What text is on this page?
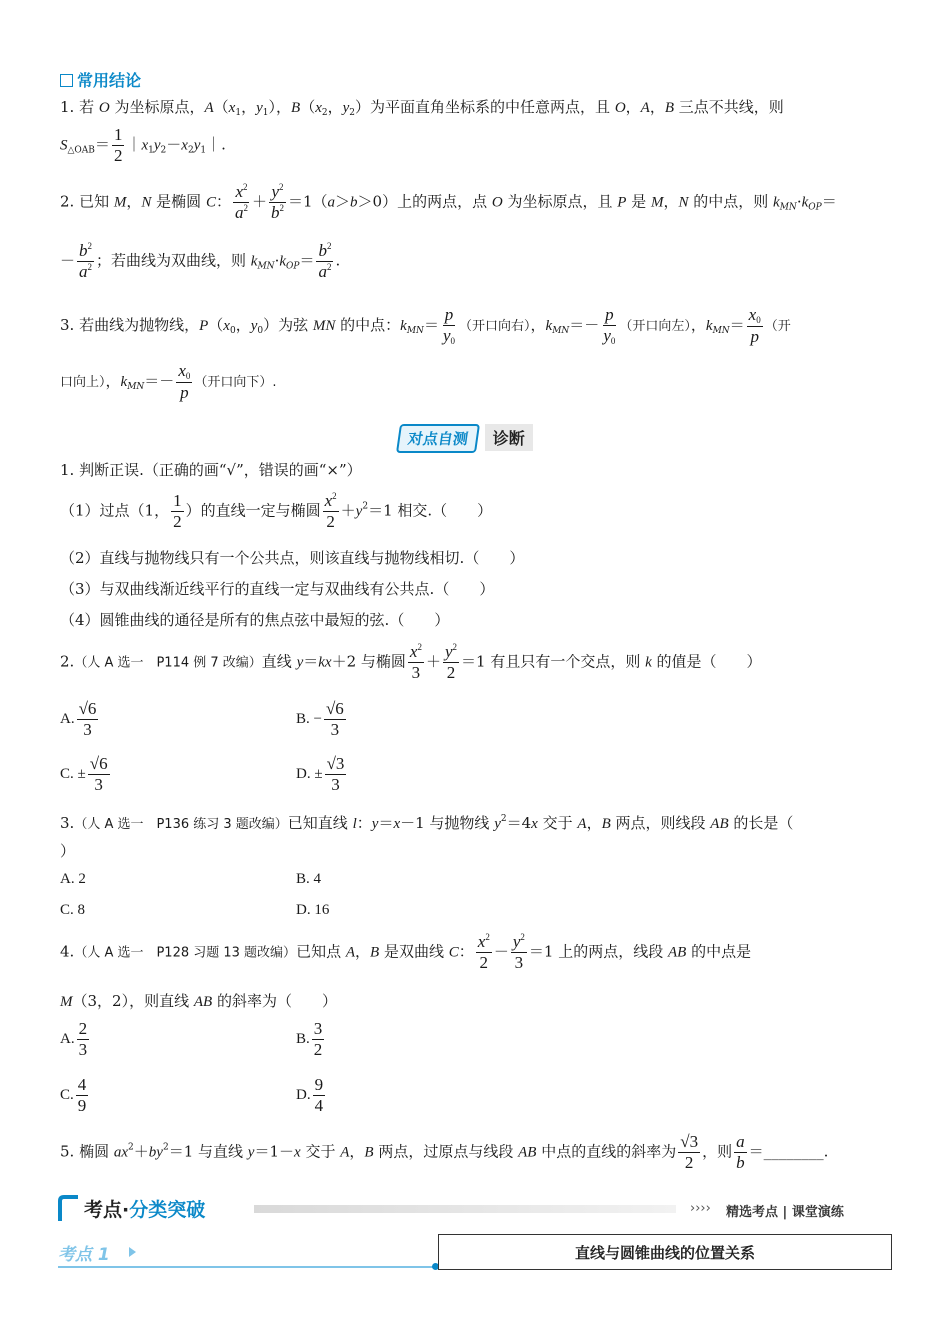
常用结论
1. 若 O 为坐标原点，$A(x_1$，$y_1$），$B(x_2$，$y_2$）为平面直角坐标系的中任意两点，且 O，A，B 三点不共线，则
$S_{\triangle OAB}= \frac{1}{2}$ $|x_1y_2-x_2y_1|$.
2. 已知 M，N 是椭圆 C： $\frac{x^2}{a^2} + \frac{y^2}{b^2} =1(a>b>0)$上的两点，点 O 为坐标原点，且 P 是 M，N 的中点，则 $k_{MN}\cdot k_{OP}=$
－ $\frac{b^2}{a^2}$ ；若曲线为双曲线，则 $k_{MN}\cdot k_{OP}= \frac{b^2}{a^2}$ .
3. 若曲线为抛物线，$P(x_0$，$y_0$）为弦 MN 的中点：$k_{MN}= \frac{p}{y_0}$ （开口向右），$k_{MN}=- \frac{p}{y_0}$ （开口向左），$k_{MN}= \frac{x_0}{p}$ （开
口向上），$k_{MN}=- \frac{x_0}{p}$ （开口向下）.
对点自测 诊断
1. 判断正误.（正确的画“√”，错误的画“×”）
（1）过点（1， $\frac{1}{2}$ ）的直线一定与椭圆 $\frac{x^2}{2} +y^2=1$ 相交.（　　）
（2）直线与抛物线只有一个公共点，则该直线与抛物线相切.（　　）
（3）与双曲线渐近线平行的直线一定与双曲线有公共点.（　　）
（4）圆锥曲线的通径是所有的焦点弦中最短的弦.（　　）
2.（人 A 选一　P114 例 7 改编）直线 y＝kx＋2 与椭圆 $\frac{x^2}{3} + \frac{y^2}{2} =1$ 有且只有一个交点，则 k 的值是（　　）
A. $\frac{√6}{3}$	B. − $\frac{√6}{3}$
C. ± $\frac{√6}{3}$	D. ± $\frac{√3}{3}$
3.（人 A 选一　P136 练习 3 题改编）已知直线 l：y＝x－1 与抛物线 $y^2=4x$ 交于 A，B 两点，则线段 AB 的长是（
）
A. 2	B. 4
C. 8	D. 16
4.（人 A 选一　P128 习题 13 题改编）已知点 A，B 是双曲线 C： $\frac{x^2}{2} - \frac{y^2}{3} =1$ 上的两点，线段 AB 的中点是
M（3，2），则直线 AB 的斜率为（　　）
A. $\frac{2}{3}$	B. $\frac{3}{2}$
C. $\frac{4}{9}$	D. $\frac{9}{4}$
5. 椭圆 $ax^2+by^2=1$ 与直线 y＝1－x 交于 A，B 两点，过原点与线段 AB 中点的直线的斜率为 $\frac{√3}{2}$ ，则 $\frac{a}{b}$ ＝________.
考点·分类突破	›››› 精选考点 | 课堂演练
考点 1	直线与圆锥曲线的位置关系
